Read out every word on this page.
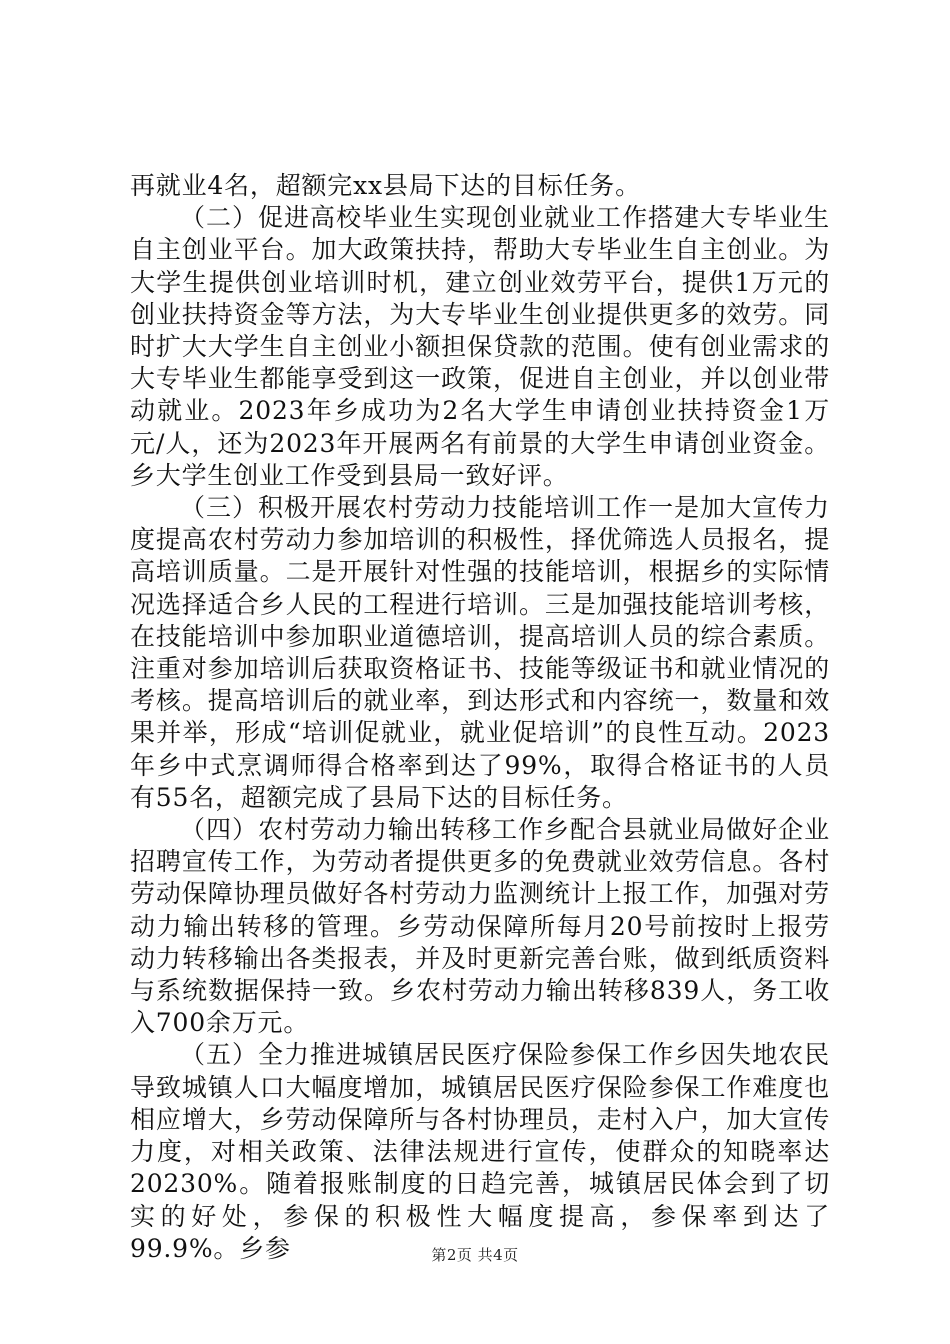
再就业4名，超额完xx县局下达的目标任务。

（二）促进高校毕业生实现创业就业工作搭建大专毕业生自主创业平台。加大政策扶持，帮助大专毕业生自主创业。为大学生提供创业培训时机，建立创业效劳平台，提供1万元的创业扶持资金等方法，为大专毕业生创业提供更多的效劳。同时扩大大学生自主创业小额担保贷款的范围。使有创业需求的大专毕业生都能享受到这一政策，促进自主创业，并以创业带动就业。2023年乡成功为2名大学生申请创业扶持资金1万元/人，还为2023年开展两名有前景的大学生申请创业资金。乡大学生创业工作受到县局一致好评。

（三）积极开展农村劳动力技能培训工作一是加大宣传力度提高农村劳动力参加培训的积极性，择优筛选人员报名，提高培训质量。二是开展针对性强的技能培训，根据乡的实际情况选择适合乡人民的工程进行培训。三是加强技能培训考核，在技能培训中参加职业道德培训，提高培训人员的综合素质。注重对参加培训后获取资格证书、技能等级证书和就业情况的考核。提高培训后的就业率，到达形式和内容统一，数量和效果并举，形成“培训促就业，就业促培训”的良性互动。2023年乡中式烹调师得合格率到达了99%，取得合格证书的人员有55名，超额完成了县局下达的目标任务。

（四）农村劳动力输出转移工作乡配合县就业局做好企业招聘宣传工作，为劳动者提供更多的免费就业效劳信息。各村劳动保障协理员做好各村劳动力监测统计上报工作，加强对劳动力输出转移的管理。乡劳动保障所每月20号前按时上报劳动力转移输出各类报表，并及时更新完善台账，做到纸质资料与系统数据保持一致。乡农村劳动力输出转移839人，务工收入700余万元。

（五）全力推进城镇居民医疗保险参保工作乡因失地农民导致城镇人口大幅度增加，城镇居民医疗保险参保工作难度也相应增大，乡劳动保障所与各村协理员，走村入户，加大宣传力度，对相关政策、法律法规进行宣传，使群众的知晓率达20230%。随着报账制度的日趋完善，城镇居民体会到了切实的好处，参保的积极性大幅度提高，参保率到达了99.9%。乡参	第2页 共4页
